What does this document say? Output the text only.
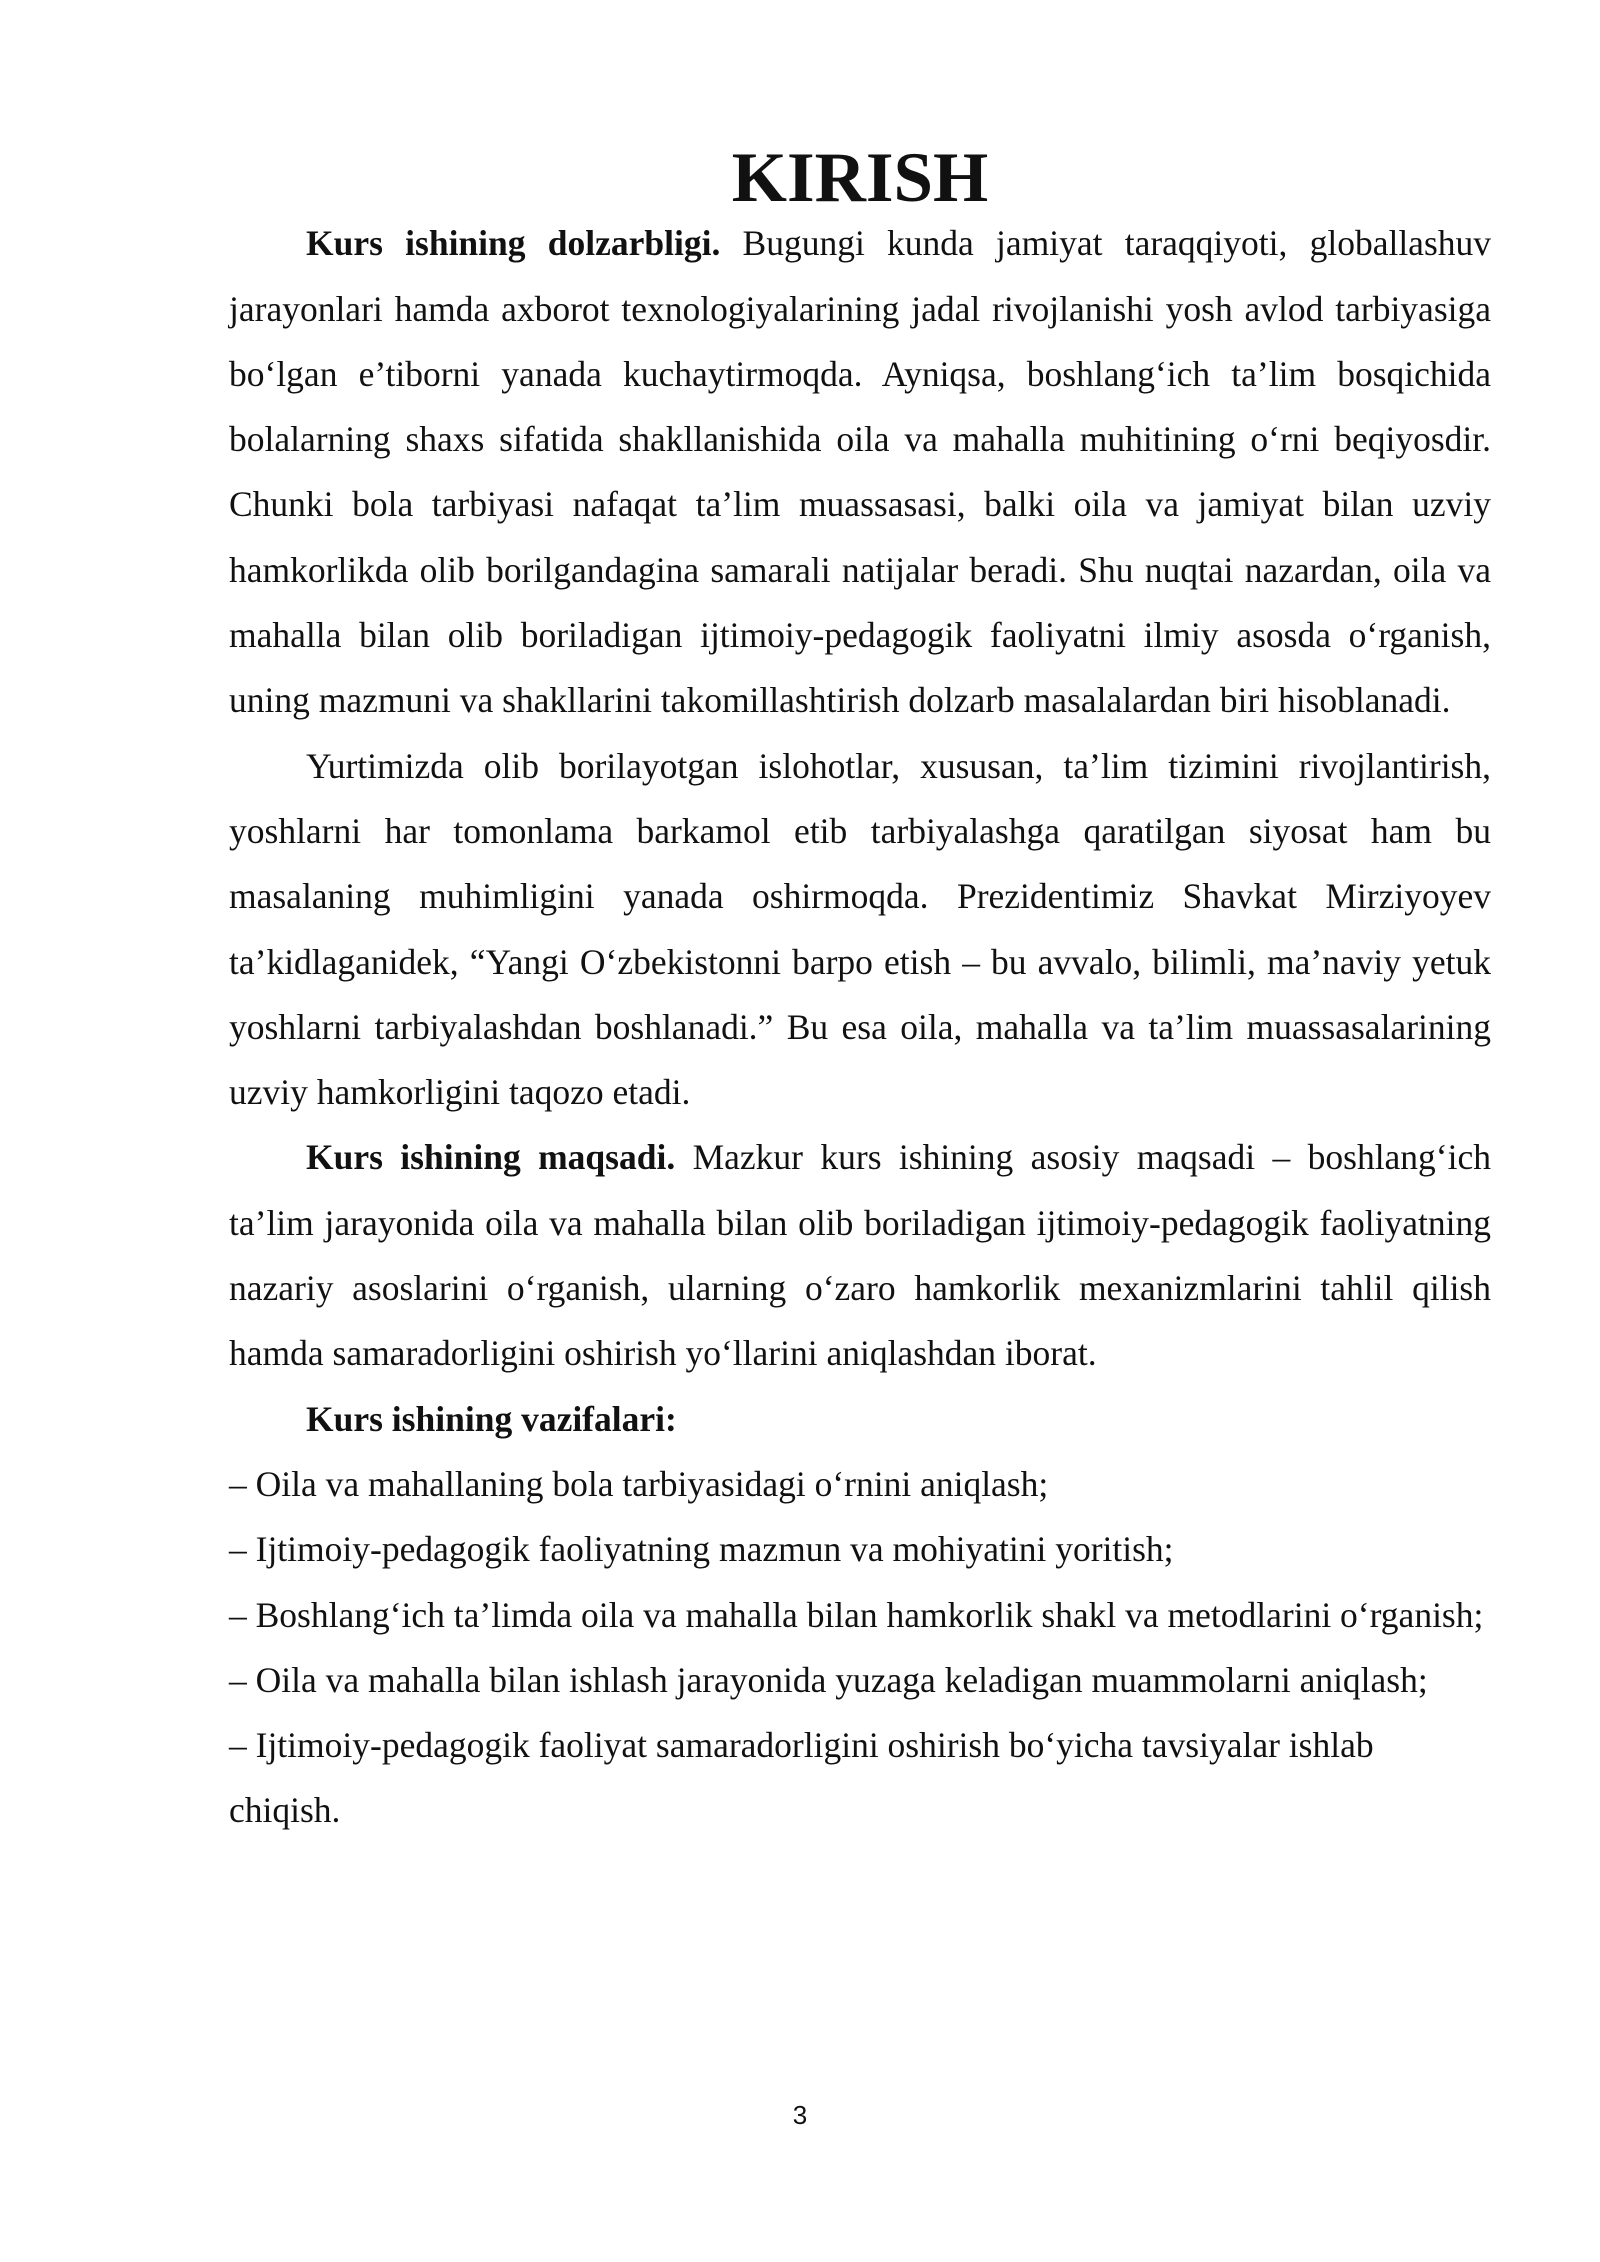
KIRISH

Kurs ishining dolzarbligi. Bugungi kunda jamiyat taraqqiyoti, globallashuv jarayonlari hamda axborot texnologiyalarining jadal rivojlanishi yosh avlod tarbiyasiga bo‘lgan e’tiborni yanada kuchaytirmoqda. Ayniqsa, boshlang‘ich ta’lim bosqichida bolalarning shaxs sifatida shakllanishida oila va mahalla muhitining o‘rni beqiyosdir. Chunki bola tarbiyasi nafaqat ta’lim muassasasi, balki oila va jamiyat bilan uzviy hamkorlikda olib borilgandagina samarali natijalar beradi. Shu nuqtai nazardan, oila va mahalla bilan olib boriladigan ijtimoiy-pedagogik faoliyatni ilmiy asosda o‘rganish, uning mazmuni va shakllarini takomillashtirish dolzarb masalalardan biri hisoblanadi.

Yurtimizda olib borilayotgan islohotlar, xususan, ta’lim tizimini rivojlantirish, yoshlarni har tomonlama barkamol etib tarbiyalashga qaratilgan siyosat ham bu masalaning muhimligini yanada oshirmoqda. Prezidentimiz Shavkat Mirziyoyev ta’kidlaganidek, “Yangi O‘zbekistonni barpo etish – bu avvalo, bilimli, ma’naviy yetuk yoshlarni tarbiyalashdan boshlanadi.” Bu esa oila, mahalla va ta’lim muassasalarining uzviy hamkorligini taqozo etadi.

Kurs ishining maqsadi. Mazkur kurs ishining asosiy maqsadi – boshlang‘ich ta’lim jarayonida oila va mahalla bilan olib boriladigan ijtimoiy-pedagogik faoliyatning nazariy asoslarini o‘rganish, ularning o‘zaro hamkorlik mexanizmlarini tahlil qilish hamda samaradorligini oshirish yo‘llarini aniqlashdan iborat.

Kurs ishining vazifalari:

– Oila va mahallaning bola tarbiyasidagi o‘rnini aniqlash;

– Ijtimoiy-pedagogik faoliyatning mazmun va mohiyatini yoritish;

– Boshlang‘ich ta’limda oila va mahalla bilan hamkorlik shakl va metodlarini o‘rganish;

– Oila va mahalla bilan ishlash jarayonida yuzaga keladigan muammolarni aniqlash;

– Ijtimoiy-pedagogik faoliyat samaradorligini oshirish bo‘yicha tavsiyalar ishlab chiqish.

3
